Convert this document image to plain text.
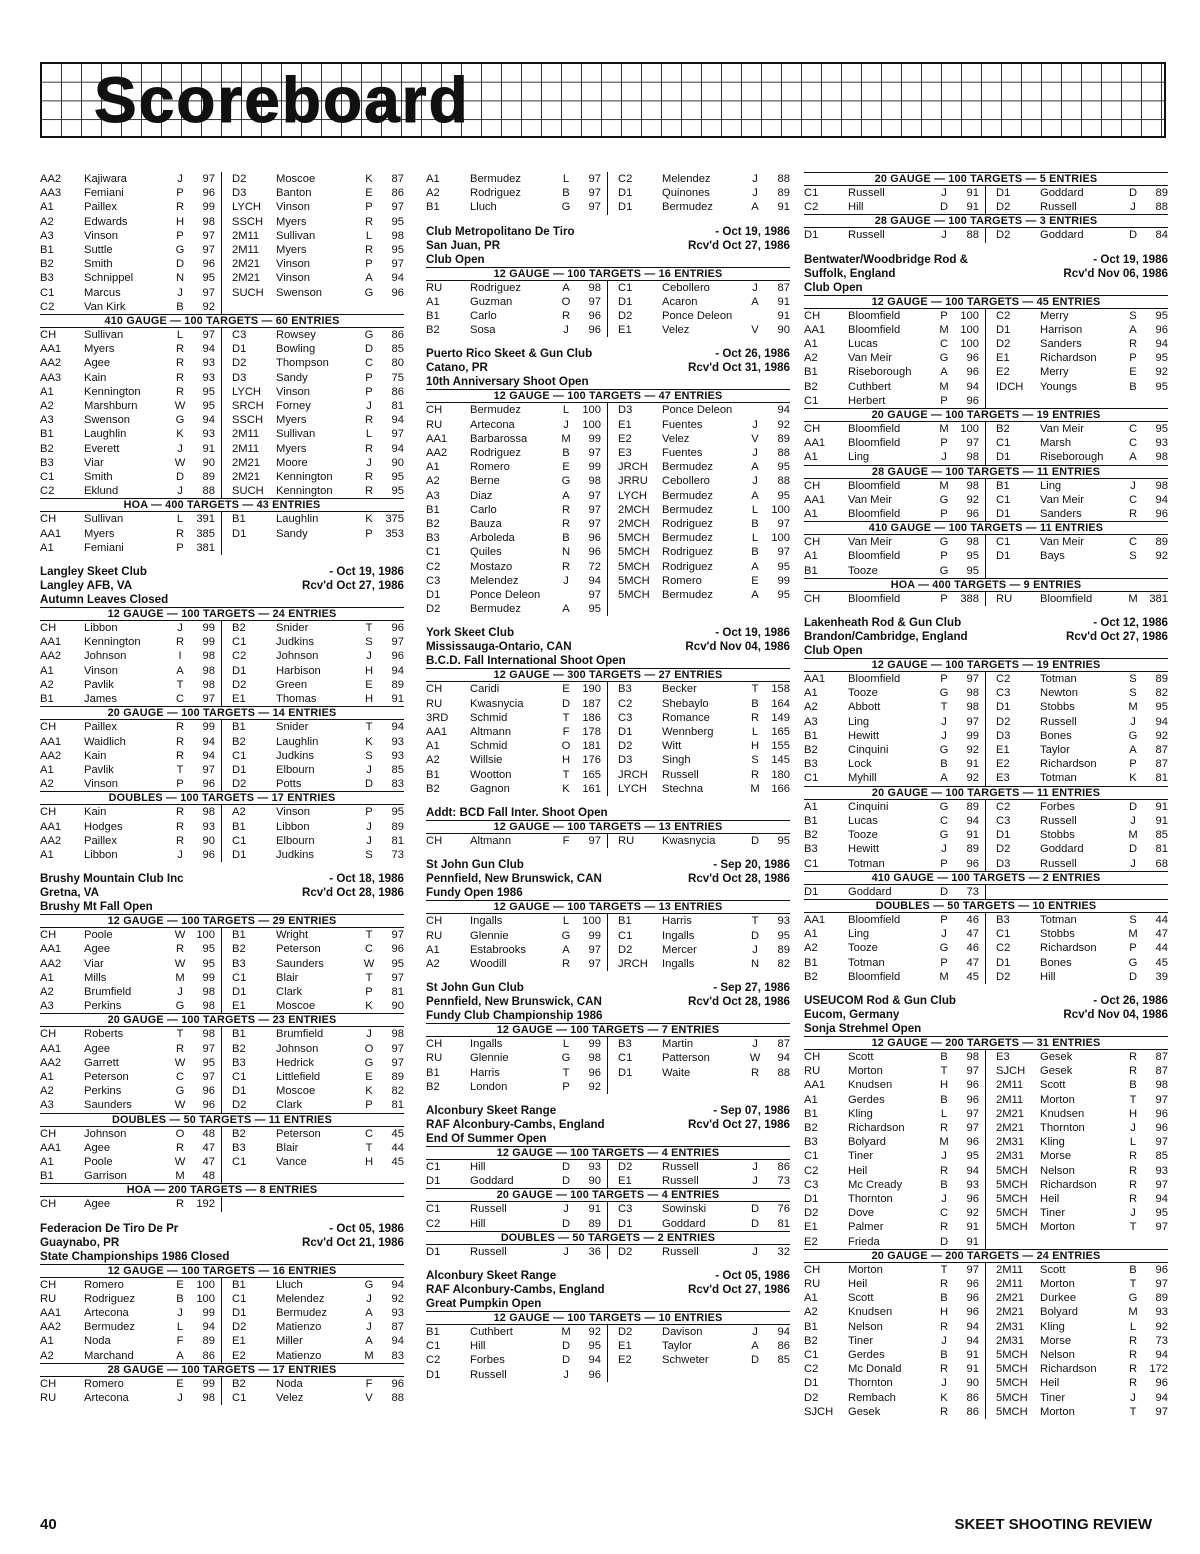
Scoreboard
AA2	Kajiwara	J	97	D2	Moscoe	K	87
AA3	Femiani	P	96	D3	Banton	E	86
A1	Paillex	R	99	LYCH	Vinson	P	97
A2	Edwards	H	98	SSCH	Myers	R	95
A3	Vinson	P	97	2M11	Sullivan	L	98
B1	Suttle	G	97	2M11	Myers	R	95
B2	Smith	D	96	2M21	Vinson	P	97
B3	Schnippel	N	95	2M21	Vinson	A	94
C1	Marcus	J	97	SUCH	Swenson	G	96
C2	Van Kirk	B	92
410 GAUGE — 100 TARGETS — 60 ENTRIES
CH	Sullivan	L	97	C3	Rowsey	G	86
AA1	Myers	R	94	D1	Bowling	D	85
AA2	Agee	R	93	D2	Thompson	C	80
AA3	Kain	R	93	D3	Sandy	P	75
A1	Kennington	R	95	LYCH	Vinson	P	86
A2	Marshburn	W	95	SRCH	Forney	J	81
A3	Swenson	G	94	SSCH	Myers	R	94
B1	Laughlin	K	93	2M11	Sullivan	L	97
B2	Everett	J	91	2M11	Myers	R	94
B3	Viar	W	90	2M21	Moore	J	90
C1	Smith	D	89	2M21	Kennington	R	95
C2	Eklund	J	88	SUCH	Kennington	R	95
HOA — 400 TARGETS — 43 ENTRIES
CH	Sullivan	L	391	B1	Laughlin	K	375
AA1	Myers	R	385	D1	Sandy	P	353
A1	Femiani	P	381
Langley Skeet Club	- Oct 19, 1986
Langley AFB, VA	Rcv'd Oct 27, 1986
Autumn Leaves Closed
12 GAUGE — 100 TARGETS — 24 ENTRIES
CH	Libbon	J	99	B2	Snider	T	96
AA1	Kennington	R	99	C1	Judkins	S	97
AA2	Johnson	I	98	C2	Johnson	J	96
A1	Vinson	A	98	D1	Harbison	H	94
A2	Pavlik	T	98	D2	Green	E	89
B1	James	C	97	E1	Thomas	H	91
20 GAUGE — 100 TARGETS — 14 ENTRIES
CH	Paillex	R	99	B1	Snider	T	94
AA1	Waidlich	R	94	B2	Laughlin	K	93
AA2	Kain	R	94	C1	Judkins	S	93
A1	Pavlik	T	97	D1	Elbourn	J	85
A2	Vinson	P	96	D2	Potts	D	83
DOUBLES — 100 TARGETS — 17 ENTRIES
CH	Kain	R	98	A2	Vinson	P	95
AA1	Hodges	R	93	B1	Libbon	J	89
AA2	Paillex	R	90	C1	Elbourn	J	81
A1	Libbon	J	96	D1	Judkins	S	73
Brushy Mountain Club Inc	- Oct 18, 1986
Gretna, VA	Rcv'd Oct 28, 1986
Brushy Mt Fall Open
12 GAUGE — 100 TARGETS — 29 ENTRIES
CH	Poole	W 100	B1	Wright	T	97
AA1	Agee	R	95	B2	Peterson	C	96
AA2	Viar	W	95	B3	Saunders	W	95
A1	Mills	M	99	C1	Blair	T	97
A2	Brumfield	J	98	D1	Clark	P	81
A3	Perkins	G	98	E1	Moscoe	K	90
20 GAUGE — 100 TARGETS — 23 ENTRIES
CH	Roberts	T	98	B1	Brumfield	J	98
AA1	Agee	R	97	B2	Johnson	O	97
AA2	Garrett	W	95	B3	Hedrick	G	97
A1	Peterson	C	97	C1	Littlefield	E	89
A2	Perkins	G	96	D1	Moscoe	K	82
A3	Saunders	W	96	D2	Clark	P	81
DOUBLES — 50 TARGETS — 11 ENTRIES
CH	Johnson	O	48	B2	Peterson	C	45
AA1	Agee	R	47	B3	Blair	T	44
A1	Poole	W	47	C1	Vance	H	45
B1	Garrison	M	48
HOA — 200 TARGETS — 8 ENTRIES
CH	Agee	R	192
Federacion De Tiro De Pr	- Oct 05, 1986
Guaynabo, PR	Rcv'd Oct 21, 1986
State Championships 1986 Closed
12 GAUGE — 100 TARGETS — 16 ENTRIES
CH	Romero	E	100	B1	Lluch	G	94
RU	Rodriguez	B	100	C1	Melendez	J	92
AA1	Artecona	J	99	D1	Bermudez	A	93
AA2	Bermudez	L	94	D2	Matienzo	J	87
A1	Noda	F	89	E1	Miller	A	94
A2	Marchand	A	86	E2	Matienzo	M	83
28 GAUGE — 100 TARGETS — 17 ENTRIES
CH	Romero	E	99	B2	Noda	F	96
RU	Artecona	J	98	C1	Velez	V	88
A1	Bermudez	L	97	C2	Melendez	J	88
A2	Rodriguez	B	97	D1	Quinones	J	89
B1	Lluch	G	97	D1	Bermudez	A	91
Club Metropolitano De Tiro	- Oct 19, 1986
San Juan, PR	Rcv'd Oct 27, 1986
Club Open
12 GAUGE — 100 TARGETS — 16 ENTRIES
RU	Rodriguez	A	98	C1	Cebollero	J	87
A1	Guzman	O	97	D1	Acaron	A	91
B1	Carlo	R	96	D2	Ponce Deleon	91
B2	Sosa	J	96	E1	Velez	V	90
Puerto Rico Skeet & Gun Club	- Oct 26, 1986
Catano, PR	Rcv'd Oct 31, 1986
10th Anniversary Shoot Open
12 GAUGE — 100 TARGETS — 47 ENTRIES
CH	Bermudez	L	100	D3	Ponce Deleon	94
RU	Artecona	J	100	E1	Fuentes	J	92
AA1	Barbarossa	M	99	E2	Velez	V	89
AA2	Rodriguez	B	97	E3	Fuentes	J	88
A1	Romero	E	99	JRCH	Bermudez	A	95
A2	Berne	G	98	JRRU	Cebollero	J	88
A3	Diaz	A	97	LYCH	Bermudez	A	95
B1	Carlo	R	97	2MCH	Bermudez	L	100
B2	Bauza	R	97	2MCH	Rodriguez	B	97
B3	Arboleda	B	96	5MCH	Bermudez	L	100
C1	Quiles	N	96	5MCH	Rodriguez	B	97
C2	Mostazo	R	72	5MCH	Rodriguez	A	95
C3	Melendez	J	94	5MCH	Romero	E	99
D1	Ponce Deleon	97	5MCH	Bermudez	A	95
D2	Bermudez	A	95
York Skeet Club	- Oct 19, 1986
Mississauga-Ontario, CAN	Rcv'd Nov 04, 1986
B.C.D. Fall International Shoot Open
12 GAUGE — 300 TARGETS — 27 ENTRIES
CH	Caridi	E	190	B3	Becker	T	158
RU	Kwasnycia	D	187	C2	Shebaylo	B	164
3RD	Schmid	T	186	C3	Romance	R	149
AA1	Altmann	F	178	D1	Wennberg	L	165
A1	Schmid	O	181	D2	Witt	H	155
A2	Willsie	H	176	D3	Singh	S	145
B1	Wootton	T	165	JRCH	Russell	R	180
B2	Gagnon	K	161	LYCH	Stechna	M	166
Addt: BCD Fall Inter. Shoot Open
12 GAUGE — 100 TARGETS — 13 ENTRIES
CH	Altmann	F	97	RU	Kwasnycia	D	95
St John Gun Club	- Sep 20, 1986
Pennfield, New Brunswick, CAN	Rcv'd Oct 28, 1986
Fundy Open 1986
12 GAUGE — 100 TARGETS — 13 ENTRIES
CH	Ingalls	L	100	B1	Harris	T	93
RU	Glennie	G	99	C1	Ingalls	D	95
A1	Estabrooks	A	97	D2	Mercer	J	89
A2	Woodill	R	97	JRCH	Ingalls	N	82
St John Gun Club	- Sep 27, 1986
Pennfield, New Brunswick, CAN	Rcv'd Oct 28, 1986
Fundy Club Championship 1986
12 GAUGE — 100 TARGETS — 7 ENTRIES
CH	Ingalls	L	99	B3	Martin	J	87
RU	Glennie	G	98	C1	Patterson	W	94
B1	Harris	T	96	D1	Waite	R	88
B2	London	P	92
Alconbury Skeet Range	- Sep 07, 1986
RAF Alconbury-Cambs, England	Rcv'd Oct 27, 1986
End Of Summer Open
12 GAUGE — 100 TARGETS — 4 ENTRIES
C1	Hill	D	93	D2	Russell	J	86
D1	Goddard	D	90	E1	Russell	J	73
20 GAUGE — 100 TARGETS — 4 ENTRIES
C1	Russell	J	91	C3	Sowinski	D	76
C2	Hill	D	89	D1	Goddard	D	81
DOUBLES — 50 TARGETS — 2 ENTRIES
D1	Russell	J	36	D2	Russell	J	32
Alconbury Skeet Range	- Oct 05, 1986
RAF Alconbury-Cambs, England	Rcv'd Oct 27, 1986
Great Pumpkin Open
12 GAUGE — 100 TARGETS — 10 ENTRIES
B1	Cuthbert	M	92	D2	Davison	J	94
C1	Hill	D	95	E1	Taylor	A	86
C2	Forbes	D	94	E2	Schweter	D	85
D1	Russell	J	96
20 GAUGE — 100 TARGETS — 5 ENTRIES
C1	Russell	J	91	D1	Goddard	D	89
C2	Hill	D	91	D2	Russell	J	88
28 GAUGE — 100 TARGETS — 3 ENTRIES
D1	Russell	J	88	D2	Goddard	D	84
Bentwater/Woodbridge Rod &	- Oct 19, 1986
Suffolk, England	Rcv'd Nov 06, 1986
Club Open
12 GAUGE — 100 TARGETS — 45 ENTRIES
CH	Bloomfield	P	100	C2	Merry	S	95
AA1	Bloomfield	M	100	D1	Harrison	A	96
A1	Lucas	C	100	D2	Sanders	R	94
A2	Van Meir	G	96	E1	Richardson	P	95
B1	Riseborough	A	96	E2	Merry	E	92
B2	Cuthbert	M	94	IDCH	Youngs	B	95
C1	Herbert	P	96
20 GAUGE — 100 TARGETS — 19 ENTRIES
CH	Bloomfield	M	100	B2	Van Meir	C	95
AA1	Bloomfield	P	97	C1	Marsh	C	93
A1	Ling	J	98	D1	Riseborough	A	98
28 GAUGE — 100 TARGETS — 11 ENTRIES
CH	Bloomfield	M	98	B1	Ling	J	98
AA1	Van Meir	G	92	C1	Van Meir	C	94
A1	Bloomfield	P	96	D1	Sanders	R	96
410 GAUGE — 100 TARGETS — 11 ENTRIES
CH	Van Meir	G	98	C1	Van Meir	C	89
A1	Bloomfield	P	95	D1	Bays	S	92
B1	Tooze	G	95
HOA — 400 TARGETS — 9 ENTRIES
CH	Bloomfield	P	388	RU	Bloomfield	M	381
Lakenheath Rod & Gun Club	- Oct 12, 1986
Brandon/Cambridge, England	Rcv'd Oct 27, 1986
Club Open
12 GAUGE — 100 TARGETS — 19 ENTRIES
AA1	Bloomfield	P	97	C2	Totman	S	89
A1	Tooze	G	98	C3	Newton	S	82
A2	Abbott	T	98	D1	Stobbs	M	95
A3	Ling	J	97	D2	Russell	J	94
B1	Hewitt	J	99	D3	Bones	G	92
B2	Cinquini	G	92	E1	Taylor	A	87
B3	Lock	B	91	E2	Richardson	P	87
C1	Myhill	A	92	E3	Totman	K	81
20 GAUGE — 100 TARGETS — 11 ENTRIES
A1	Cinquini	G	89	C2	Forbes	D	91
B1	Lucas	C	94	C3	Russell	J	91
B2	Tooze	G	91	D1	Stobbs	M	85
B3	Hewitt	J	89	D2	Goddard	D	81
C1	Totman	P	96	D3	Russell	J	68
410 GAUGE — 100 TARGETS — 2 ENTRIES
D1	Goddard	D	73
DOUBLES — 50 TARGETS — 10 ENTRIES
AA1	Bloomfield	P	46	B3	Totman	S	44
A1	Ling	J	47	C1	Stobbs	M	47
A2	Tooze	G	46	C2	Richardson	P	44
B1	Totman	P	47	D1	Bones	G	45
B2	Bloomfield	M	45	D2	Hill	D	39
USEUCOM Rod & Gun Club	- Oct 26, 1986
Eucom, Germany	Rcv'd Nov 04, 1986
Sonja Strehmel Open
12 GAUGE — 200 TARGETS — 31 ENTRIES
CH	Scott	B	98	E3	Gesek	R	87
RU	Morton	T	97	SJCH	Gesek	R	87
AA1	Knudsen	H	96	2M11	Scott	B	98
A1	Gerdes	B	96	2M11	Morton	T	97
B1	Kling	L	97	2M21	Knudsen	H	96
B2	Richardson	R	97	2M21	Thornton	J	96
B3	Bolyard	M	96	2M31	Kling	L	97
C1	Tiner	J	95	2M31	Morse	R	85
C2	Heil	R	94	5MCH	Nelson	R	93
C3	Mc Cready	B	93	5MCH	Richardson	R	97
D1	Thornton	J	96	5MCH	Heil	R	94
D2	Dove	C	92	5MCH	Tiner	J	95
E1	Palmer	R	91	5MCH	Morton	T	97
E2	Frieda	D	91
20 GAUGE — 200 TARGETS — 24 ENTRIES
CH	Morton	T	97	2M11	Scott	B	96
RU	Heil	R	96	2M11	Morton	T	97
A1	Scott	B	96	2M21	Durkee	G	89
A2	Knudsen	H	96	2M21	Bolyard	M	93
B1	Nelson	R	94	2M31	Kling	L	92
B2	Tiner	J	94	2M31	Morse	R	73
C1	Gerdes	B	91	5MCH	Nelson	R	94
C2	Mc Donald	R	91	5MCH	Richardson	R	172
D1	Thornton	J	90	5MCH	Heil	R	96
D2	Rembach	K	86	5MCH	Tiner	J	94
SJCH	Gesek	R	86	5MCH	Morton	T	97
40	SKEET SHOOTING REVIEW
